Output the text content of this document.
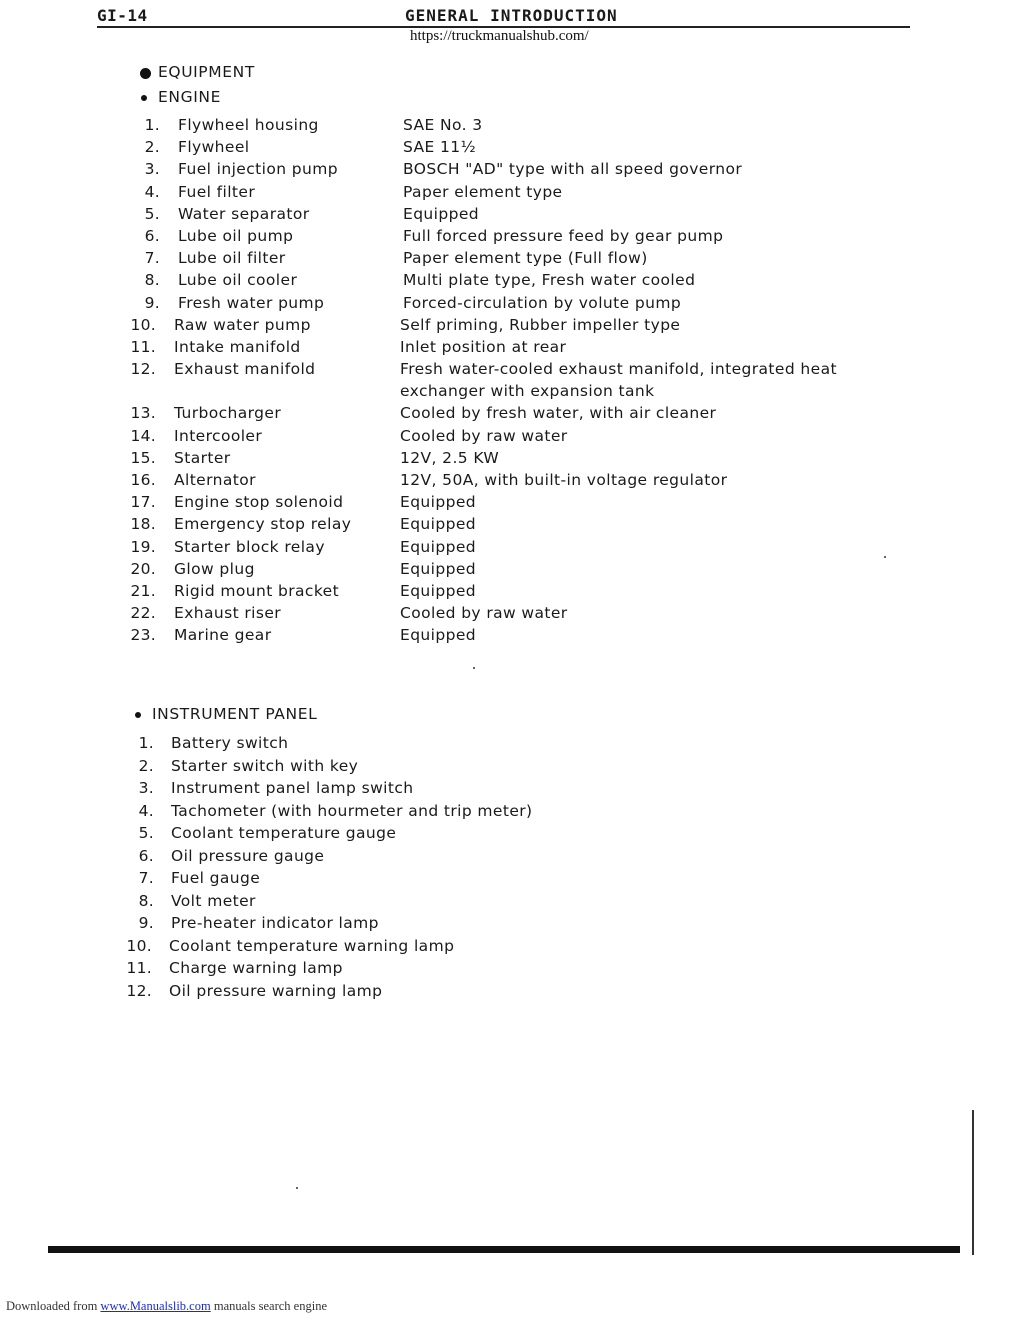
GI-14	GENERAL INTRODUCTION
https://truckmanualshub.com/
EQUIPMENT
ENGINE
1. Flywheel housing	SAE No. 3
2. Flywheel	SAE 11½
3. Fuel injection pump	BOSCH "AD" type with all speed governor
4. Fuel filter	Paper element type
5. Water separator	Equipped
6. Lube oil pump	Full forced pressure feed by gear pump
7. Lube oil filter	Paper element type (Full flow)
8. Lube oil cooler	Multi plate type, Fresh water cooled
9. Fresh water pump	Forced-circulation by volute pump
10. Raw water pump	Self priming, Rubber impeller type
11. Intake manifold	Inlet position at rear
12. Exhaust manifold	Fresh water-cooled exhaust manifold, integrated heat
exchanger with expansion tank
13. Turbocharger	Cooled by fresh water, with air cleaner
14. Intercooler	Cooled by raw water
15. Starter	12V, 2.5 KW
16. Alternator	12V, 50A, with built-in voltage regulator
17. Engine stop solenoid	Equipped
18. Emergency stop relay	Equipped
19. Starter block relay	Equipped
20. Glow plug	Equipped
21. Rigid mount bracket	Equipped
22. Exhaust riser	Cooled by raw water
23. Marine gear	Equipped
INSTRUMENT PANEL
1. Battery switch
2. Starter switch with key
3. Instrument panel lamp switch
4. Tachometer (with hourmeter and trip meter)
5. Coolant temperature gauge
6. Oil pressure gauge
7. Fuel gauge
8. Volt meter
9. Pre-heater indicator lamp
10. Coolant temperature warning lamp
11. Charge warning lamp
12. Oil pressure warning lamp
Downloaded from www.Manualslib.com manuals search engine
